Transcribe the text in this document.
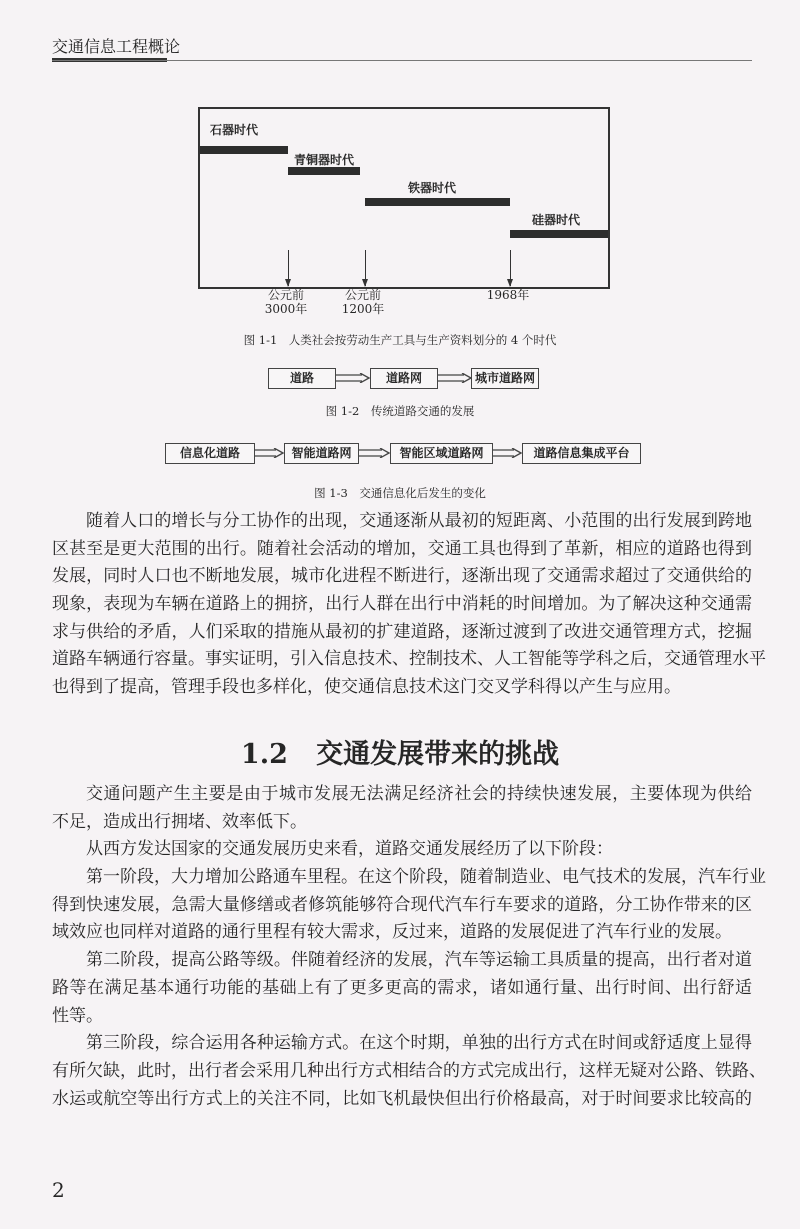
交通信息工程概论
石器时代
青铜器时代
铁器时代
硅器时代
公元前
3000年
公元前
1200年
1968年
图 1-1　人类社会按劳动生产工具与生产资料划分的 4 个时代
道路	道路网	城市道路网
图 1-2　传统道路交通的发展
信息化道路	智能道路网	智能区域道路网	道路信息集成平台
图 1-3　交通信息化后发生的变化
随着人口的增长与分工协作的出现，交通逐渐从最初的短距离、小范围的出行发展到跨地
区甚至是更大范围的出行。随着社会活动的增加，交通工具也得到了革新，相应的道路也得到
发展，同时人口也不断地发展，城市化进程不断进行，逐渐出现了交通需求超过了交通供给的
现象，表现为车辆在道路上的拥挤，出行人群在出行中消耗的时间增加。为了解决这种交通需
求与供给的矛盾，人们采取的措施从最初的扩建道路，逐渐过渡到了改进交通管理方式，挖掘
道路车辆通行容量。事实证明，引入信息技术、控制技术、人工智能等学科之后，交通管理水平
也得到了提高，管理手段也多样化，使交通信息技术这门交叉学科得以产生与应用。
1.2 交通发展带来的挑战
交通问题产生主要是由于城市发展无法满足经济社会的持续快速发展，主要体现为供给
不足，造成出行拥堵、效率低下。
从西方发达国家的交通发展历史来看，道路交通发展经历了以下阶段：
第一阶段，大力增加公路通车里程。在这个阶段，随着制造业、电气技术的发展，汽车行业
得到快速发展，急需大量修缮或者修筑能够符合现代汽车行车要求的道路，分工协作带来的区
域效应也同样对道路的通行里程有较大需求，反过来，道路的发展促进了汽车行业的发展。
第二阶段，提高公路等级。伴随着经济的发展，汽车等运输工具质量的提高，出行者对道
路等在满足基本通行功能的基础上有了更多更高的需求，诸如通行量、出行时间、出行舒适
性等。
第三阶段，综合运用各种运输方式。在这个时期，单独的出行方式在时间或舒适度上显得
有所欠缺，此时，出行者会采用几种出行方式相结合的方式完成出行，这样无疑对公路、铁路、
水运或航空等出行方式上的关注不同，比如飞机最快但出行价格最高，对于时间要求比较高的
2
